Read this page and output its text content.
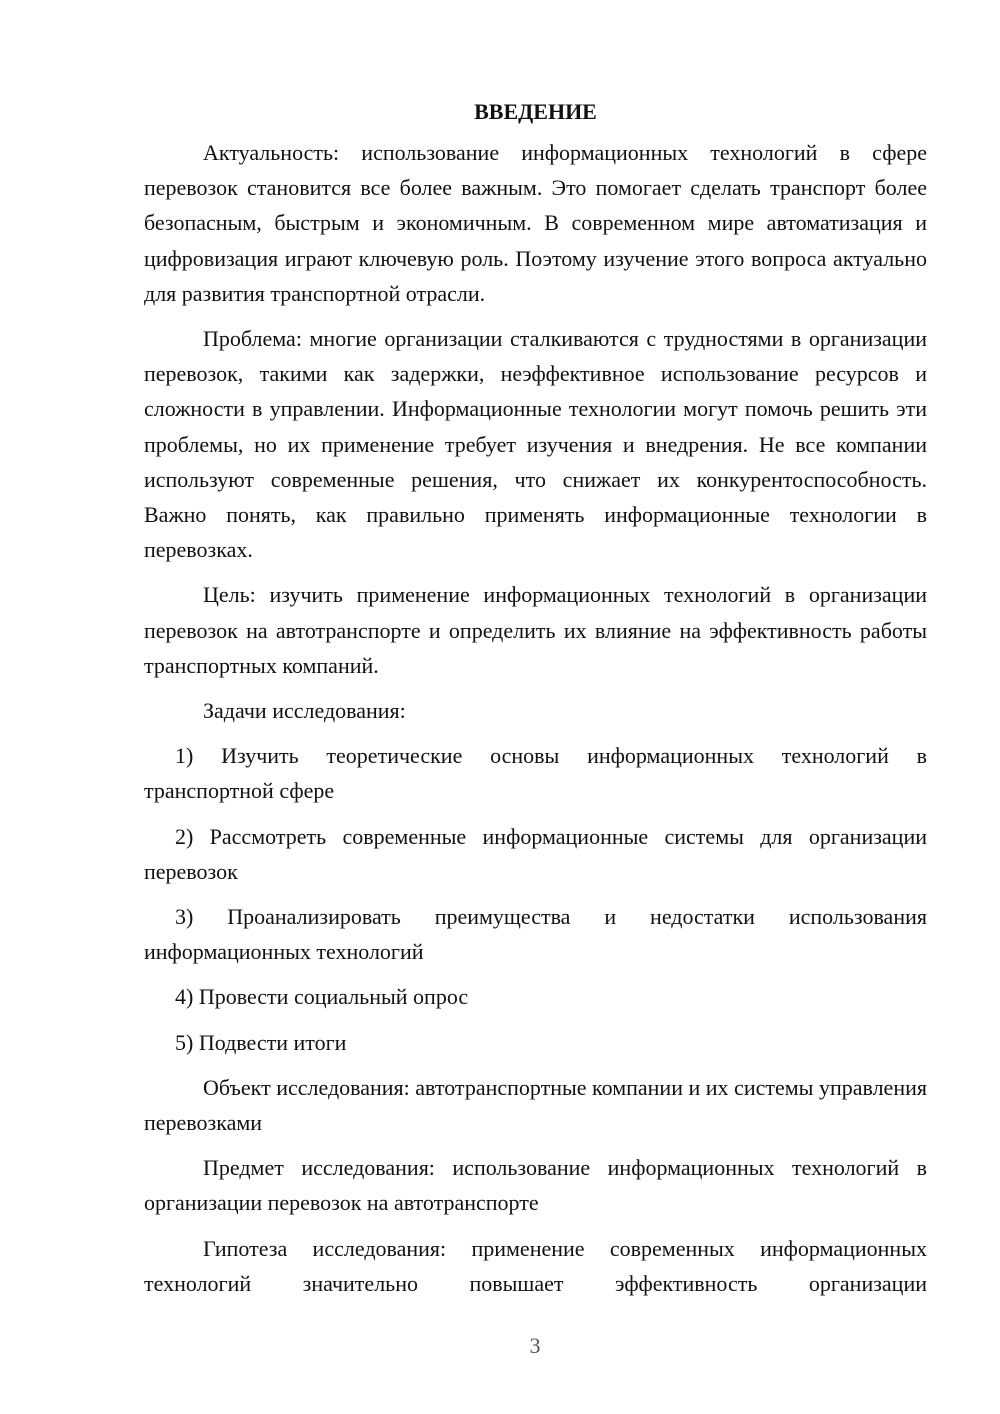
ВВЕДЕНИЕ

Актуальность: использование информационных технологий в сфере перевозок становится все более важным. Это помогает сделать транспорт более безопасным, быстрым и экономичным. В современном мире автоматизация и цифровизация играют ключевую роль. Поэтому изучение этого вопроса актуально для развития транспортной отрасли.

Проблема: многие организации сталкиваются с трудностями в организации перевозок, такими как задержки, неэффективное использование ресурсов и сложности в управлении. Информационные технологии могут помочь решить эти проблемы, но их применение требует изучения и внедрения. Не все компании используют современные решения, что снижает их конкурентоспособность. Важно понять, как правильно применять информационные технологии в перевозках.

Цель: изучить применение информационных технологий в организации перевозок на автотранспорте и определить их влияние на эффективность работы транспортных компаний.

Задачи исследования:

1) Изучить теоретические основы информационных технологий в транспортной сфере

2) Рассмотреть современные информационные системы для организации перевозок

3) Проанализировать преимущества и недостатки использования информационных технологий

4) Провести социальный опрос

5) Подвести итоги

Объект исследования: автотранспортные компании и их системы управления перевозками

Предмет исследования: использование информационных технологий в организации перевозок на автотранспорте

Гипотеза исследования: применение современных информационных технологий значительно повышает эффективность организации

3
